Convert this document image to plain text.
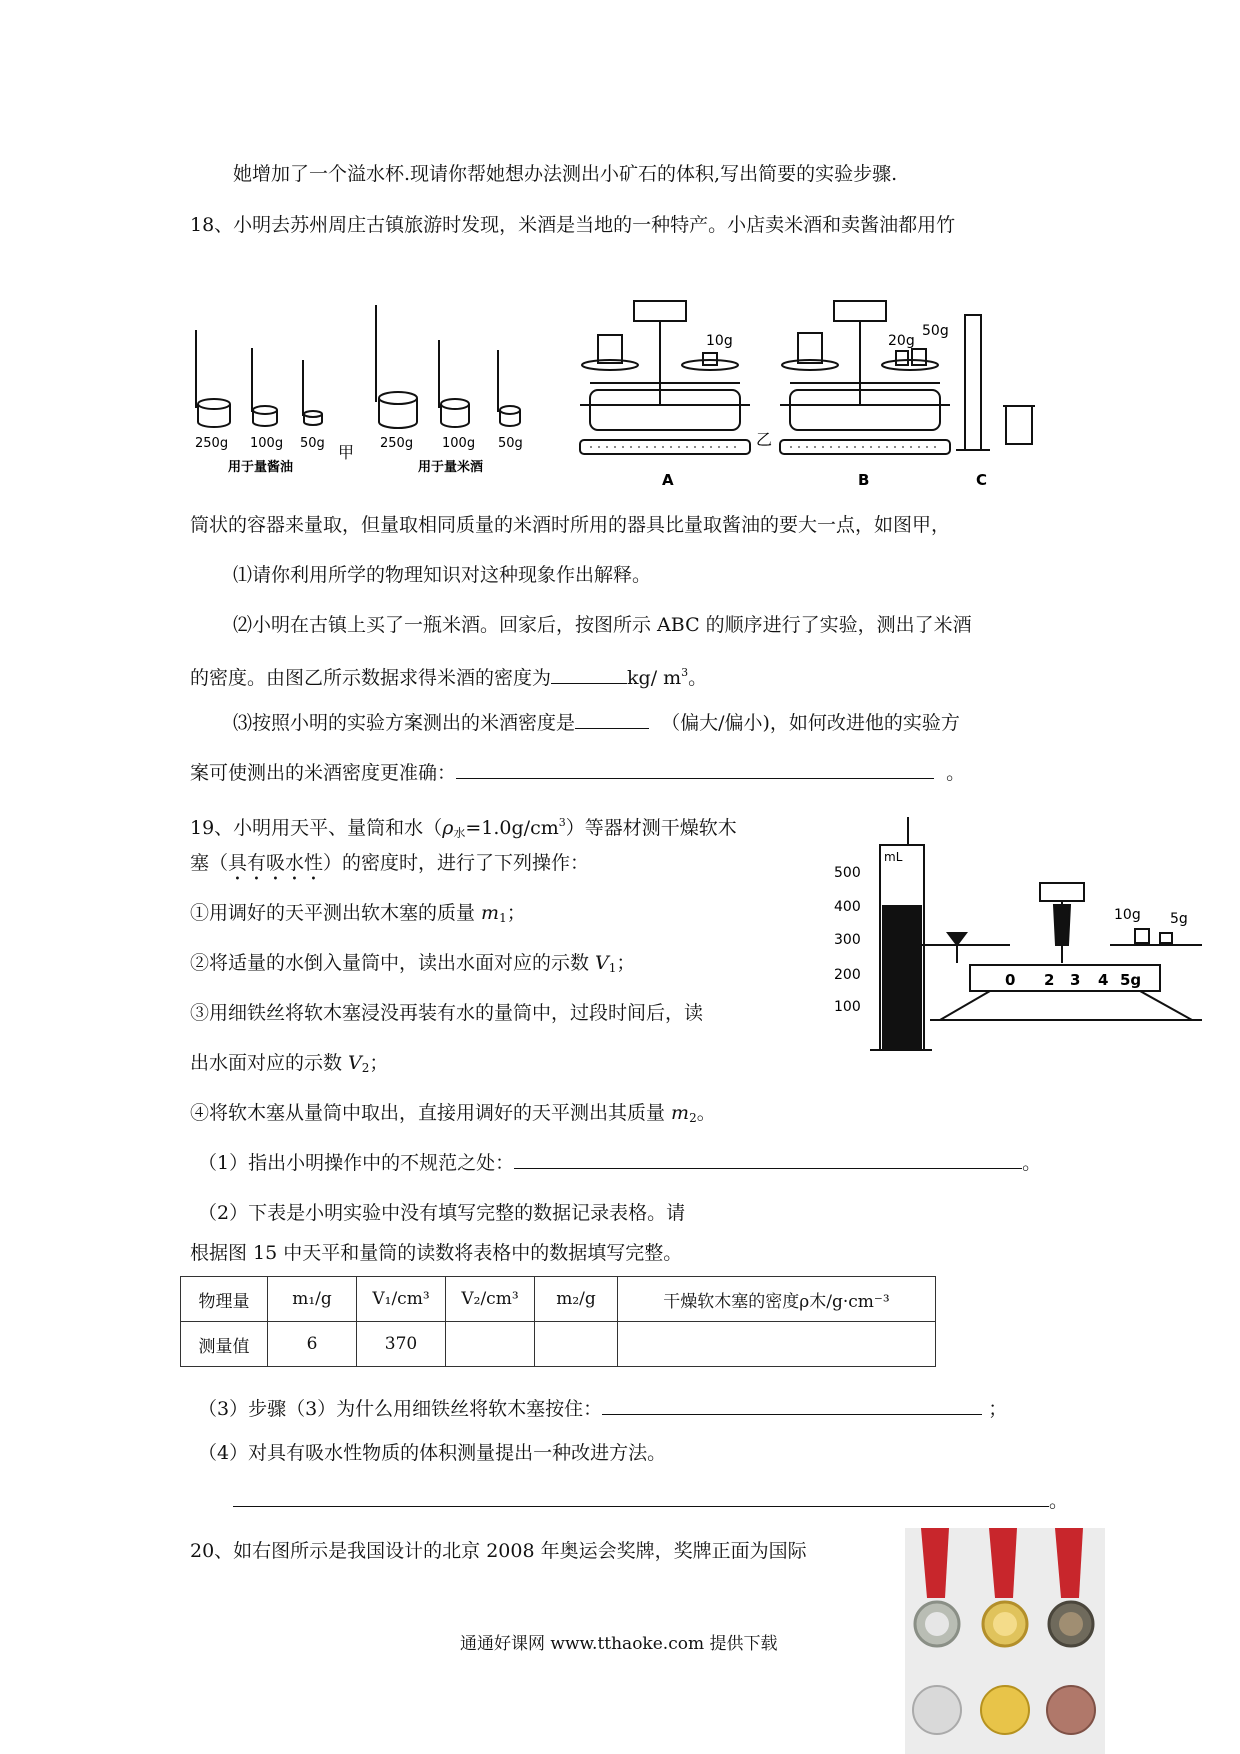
她增加了一个溢水杯.现请你帮她想办法测出小矿石的体积,写出简要的实验步骤.
18、小明去苏州周庄古镇旅游时发现，米酒是当地的一种特产。小店卖米酒和卖酱油都用竹
250g 100g 50g
用于量酱油
甲 250g 100g 50g
用于量米酒
10g
A
乙
20g
50g
B	C
筒状的容器来量取，但量取相同质量的米酒时所用的器具比量取酱油的要大一点，如图甲，
⑴请你利用所学的物理知识对这种现象作出解释。
⑵小明在古镇上买了一瓶米酒。回家后，按图所示 ABC 的顺序进行了实验，测出了米酒
的密度。由图乙所示数据求得米酒的密度为	kg/ $m^3$。
⑶按照小明的实验方案测出的米酒密度是	（偏大/偏小)，如何改进他的实验方
案可使测出的米酒密度更准确：	。
19、小明用天平、量筒和水$(\rho_水=1.0g/cm^3)$等器材测干燥软木
塞（具有吸水性）的密度时，进行了下列操作：
①用调好的天平测出软木塞的质量 $m_1$；
②将适量的水倒入量筒中，读出水面对应的示数 $V_1$；
③用细铁丝将软木塞浸没再装有水的量筒中，过段时间后，读
出水面对应的示数 $V_2$；
④将软木塞从量筒中取出，直接用调好的天平测出其质量 $m_2$。
mL
500
400
300
200
100
10g 5g
0 2 3 4 5g
（1）指出小明操作中的不规范之处：	。
（2）下表是小明实验中没有填写完整的数据记录表格。请
根据图 15 中天平和量筒的读数将表格中的数据填写完整。
物理量	m₁/g	V₁/cm³	V₂/cm³	m₂/g	干燥软木塞的密度ρ木/g·cm⁻³
测量值	6	370			
（3）步骤（3）为什么用细铁丝将软木塞按住：	；
（4）对具有吸水性物质的体积测量提出一种改进方法。
。
20、如右图所示是我国设计的北京 2008 年奥运会奖牌，奖牌正面为国际
通通好课网 www.tthaoke.com 提供下载
